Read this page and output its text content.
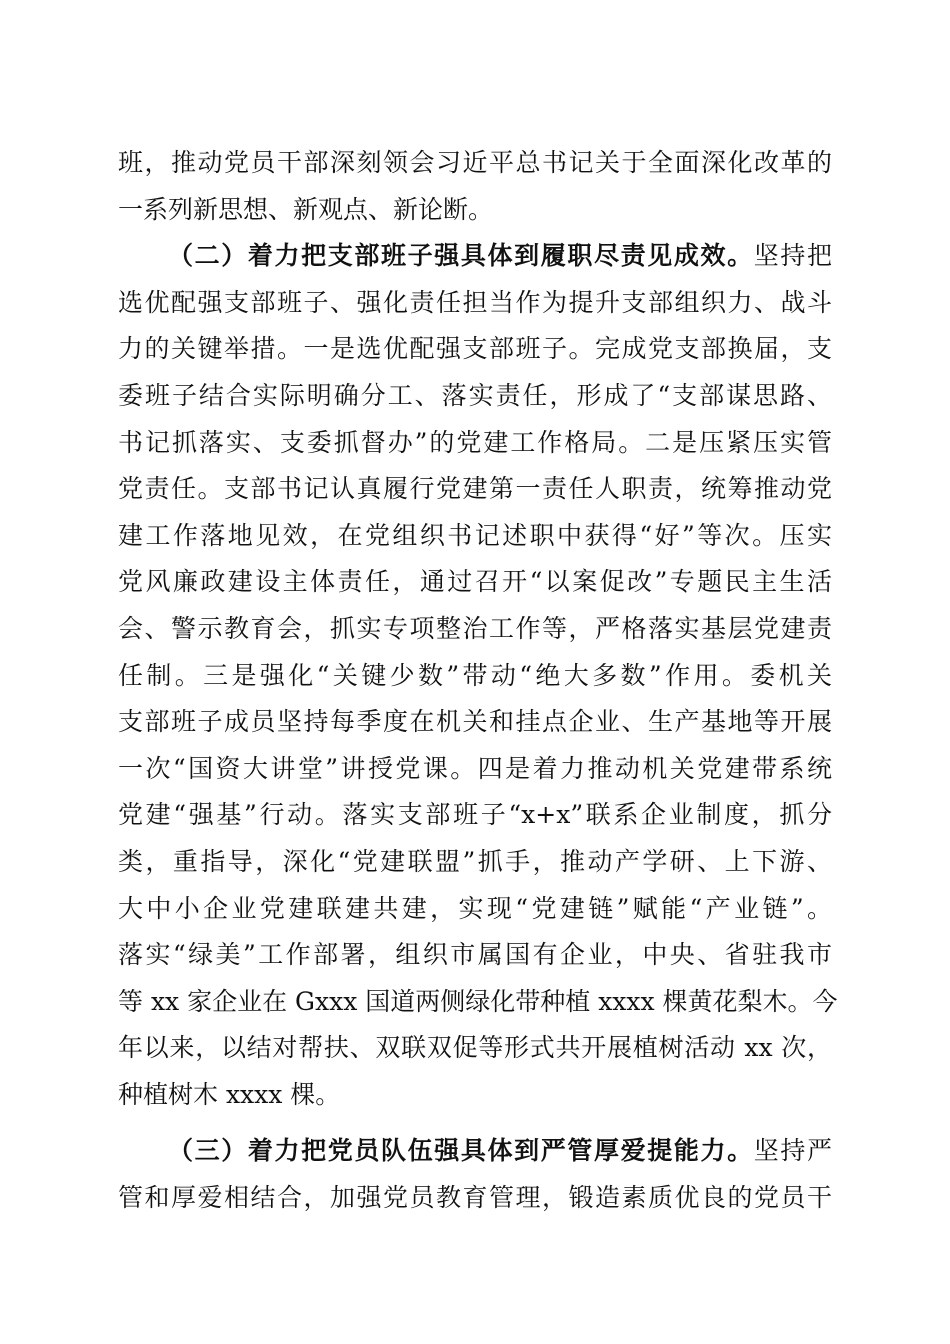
班，推动党员干部深刻领会习近平总书记关于全面深化改革的
一系列新思想、新观点、新论断。
（二）着力把支部班子强具体到履职尽责见成效。坚持把
选优配强支部班子、强化责任担当作为提升支部组织力、战斗
力的关键举措。一是选优配强支部班子。完成党支部换届，支
委班子结合实际明确分工、落实责任，形成了“支部谋思路、
书记抓落实、支委抓督办”的党建工作格局。二是压紧压实管
党责任。支部书记认真履行党建第一责任人职责，统筹推动党
建工作落地见效，在党组织书记述职中获得“好”等次。压实
党风廉政建设主体责任，通过召开“以案促改”专题民主生活
会、警示教育会，抓实专项整治工作等，严格落实基层党建责
任制。三是强化“关键少数”带动“绝大多数”作用。委机关
支部班子成员坚持每季度在机关和挂点企业、生产基地等开展
一次“国资大讲堂”讲授党课。四是着力推动机关党建带系统
党建“强基”行动。落实支部班子“x+x”联系企业制度，抓分
类，重指导，深化“党建联盟”抓手，推动产学研、上下游、
大中小企业党建联建共建，实现“党建链”赋能“产业链”。
落实“绿美”工作部署，组织市属国有企业，中央、省驻我市
等 xx 家企业在 Gxxx 国道两侧绿化带种植 xxxx 棵黄花梨木。今
年以来，以结对帮扶、双联双促等形式共开展植树活动 xx 次，
种植树木 xxxx 棵。
（三）着力把党员队伍强具体到严管厚爱提能力。坚持严
管和厚爱相结合，加强党员教育管理，锻造素质优良的党员干
